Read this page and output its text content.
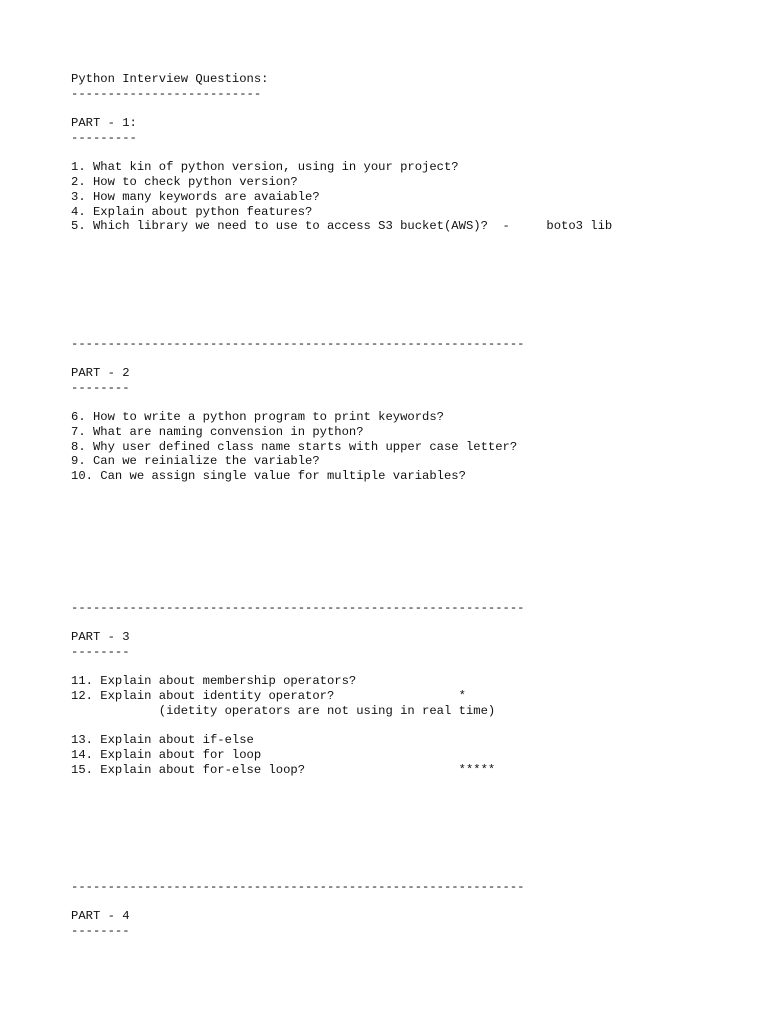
Python Interview Questions:

--------------------------

PART - 1:

---------

1. What kin of python version, using in your project?

2. How to check python version?

3. How many keywords are avaiable?

4. Explain about python features?

5. Which library we need to use to access S3 bucket(AWS)?  -     boto3 lib

--------------------------------------------------------------

PART - 2

--------

6. How to write a python program to print keywords?

7. What are naming convension in python?

8. Why user defined class name starts with upper case letter?

9. Can we reinialize the variable?

10. Can we assign single value for multiple variables?

--------------------------------------------------------------

PART - 3

--------

11. Explain about membership operators?

12. Explain about identity operator?                 *

(idetity operators are not using in real time)

13. Explain about if-else

14. Explain about for loop

15. Explain about for-else loop?                     *****

--------------------------------------------------------------

PART - 4

--------
